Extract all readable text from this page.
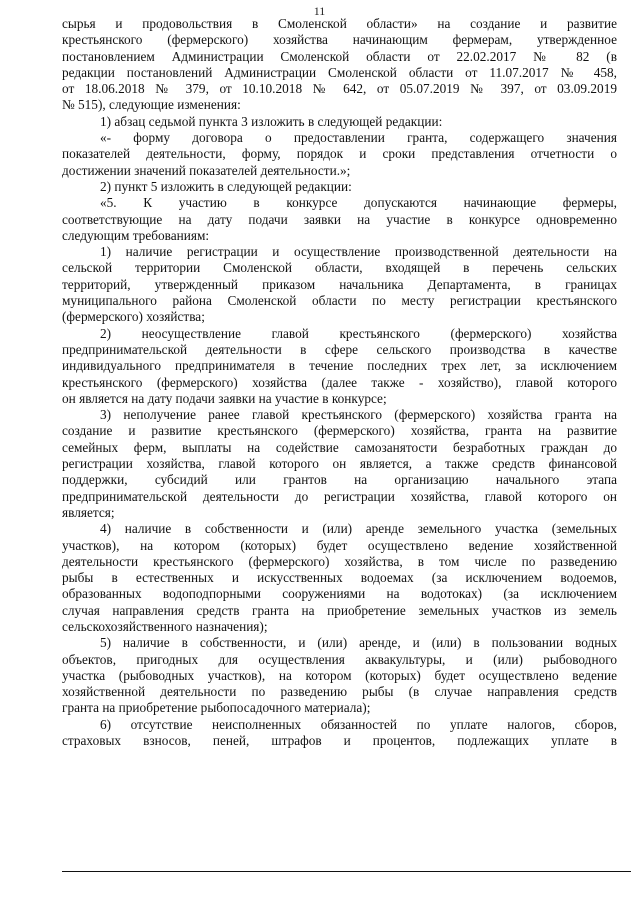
11
сырья и продовольствия в Смоленской области» на создание и развитие
крестьянского (фермерского) хозяйства начинающим фермерам, утвержденное
постановлением Администрации Смоленской области от 22.02.2017 № 82 (в
редакции постановлений Администрации Смоленской области от 11.07.2017 № 458,
от 18.06.2018 № 379, от 10.10.2018 № 642, от 05.07.2019 № 397, от 03.09.2019
№ 515), следующие изменения:
1) абзац седьмой пункта 3 изложить в следующей редакции:
«- форму договора о предоставлении гранта, содержащего значения
показателей деятельности, форму, порядок и сроки представления отчетности о
достижении значений показателей деятельности.»;
2) пункт 5 изложить в следующей редакции:
«5. К участию в конкурсе допускаются начинающие фермеры,
соответствующие на дату подачи заявки на участие в конкурсе одновременно
следующим требованиям:
1) наличие регистрации и осуществление производственной деятельности на
сельской территории Смоленской области, входящей в перечень сельских
территорий, утвержденный приказом начальника Департамента, в границах
муниципального района Смоленской области по месту регистрации крестьянского
(фермерского) хозяйства;
2) неосуществление главой крестьянского (фермерского) хозяйства
предпринимательской деятельности в сфере сельского производства в качестве
индивидуального предпринимателя в течение последних трех лет, за исключением
крестьянского (фермерского) хозяйства (далее также - хозяйство), главой которого
он является на дату подачи заявки на участие в конкурсе;
3) неполучение ранее главой крестьянского (фермерского) хозяйства гранта на
создание и развитие крестьянского (фермерского) хозяйства, гранта на развитие
семейных ферм, выплаты на содействие самозанятости безработных граждан до
регистрации хозяйства, главой которого он является, а также средств финансовой
поддержки, субсидий или грантов на организацию начального этапа
предпринимательской деятельности до регистрации хозяйства, главой которого он
является;
4) наличие в собственности и (или) аренде земельного участка (земельных
участков), на котором (которых) будет осуществлено ведение хозяйственной
деятельности крестьянского (фермерского) хозяйства, в том числе по разведению
рыбы в естественных и искусственных водоемах (за исключением водоемов,
образованных водоподпорными сооружениями на водотоках) (за исключением
случая направления средств гранта на приобретение земельных участков из земель
сельскохозяйственного назначения);
5) наличие в собственности, и (или) аренде, и (или) в пользовании водных
объектов, пригодных для осуществления аквакультуры, и (или) рыбоводного
участка (рыбоводных участков), на котором (которых) будет осуществлено ведение
хозяйственной деятельности по разведению рыбы (в случае направления средств
гранта на приобретение рыбопосадочного материала);
6) отсутствие неисполненных обязанностей по уплате налогов, сборов,
страховых взносов, пеней, штрафов и процентов, подлежащих уплате в
